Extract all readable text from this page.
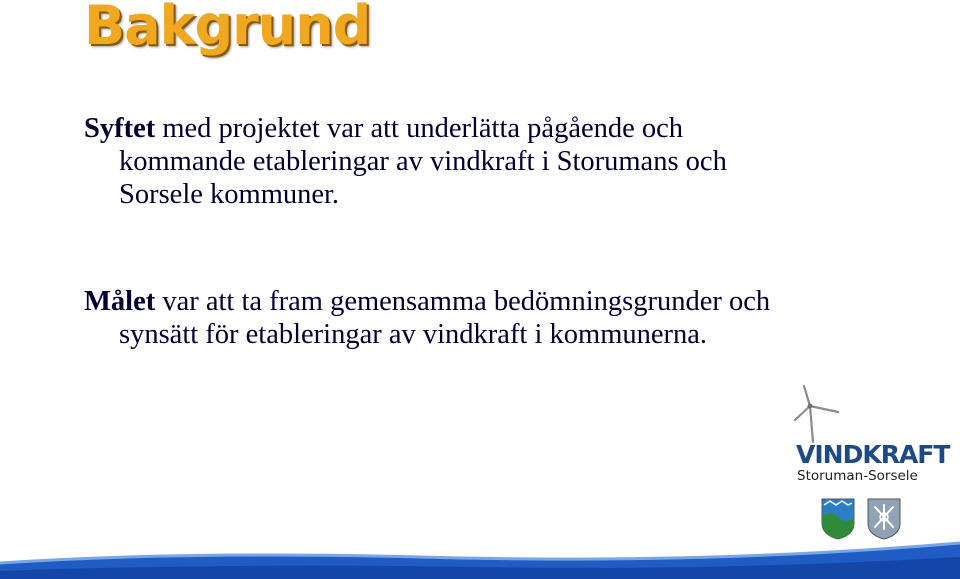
Bakgrund

Syftet med projektet var att underlätta pågående och
kommande etableringar av vindkraft i Storumans och
Sorsele kommuner.

Målet var att ta fram gemensamma bedömningsgrunder och
synsätt för etableringar av vindkraft i kommunerna.

VINDKRAFT
Storuman-Sorsele
